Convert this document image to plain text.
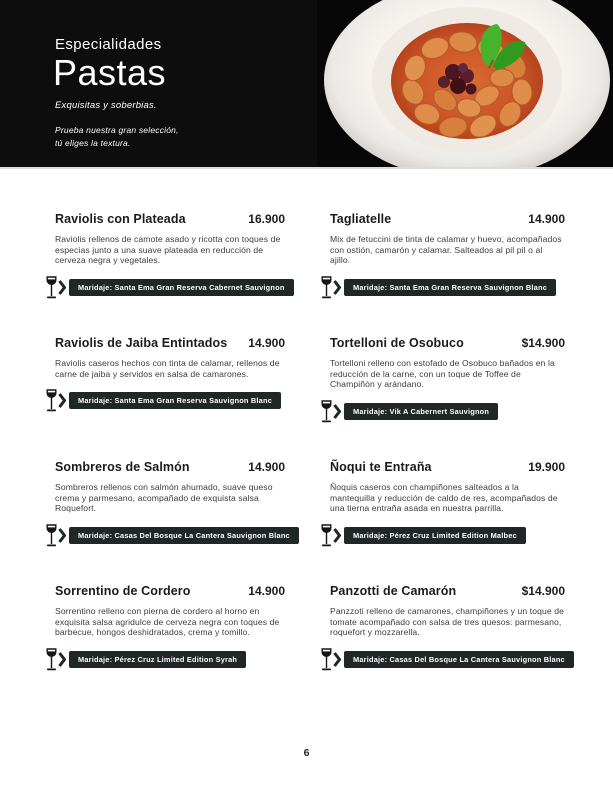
Especialidades
Pastas
Exquisitas y soberbias.
Prueba nuestra gran selección,
tú eliges la textura.
Raviolis con Plateada	16.900

Raviolis rellenos de camote asado y ricotta con toques de especias junto a una suave plateada en reducción de cerveza negra y vegetales.

Maridaje: Santa Ema Gran Reserva Cabernet Sauvignon
Tagliatelle	14.900

Mix de fetuccini de tinta de calamar y huevo, acompañados con ostión, camarón y calamar. Salteados al pil pil o al ajillo.

Maridaje: Santa Ema Gran Reserva Sauvignon Blanc
Raviolis de Jaiba Entintados 14.900

Raviolis caseros hechos con tinta de calamar, rellenos de carne de jaiba y servidos en salsa de camarones.

Maridaje: Santa Ema Gran Reserva Sauvignon Blanc
Tortelloni de Osobuco	$14.900

Tortelloni relleno con estofado de Osobuco bañados en la reducción de la carne, con un toque de Toffee de Champiñón y arándano.

Maridaje: Vik A Cabernert Sauvignon
Sombreros de Salmón	14.900

Sombreros rellenos con salmón ahumado, suave queso crema y parmesano, acompañado de exquista salsa Roquefort.

Maridaje: Casas Del Bosque La Cantera Sauvignon Blanc
Ñoqui te Entraña	19.900

Ñoquis caseros con champiñones salteados a la mantequilla y reducción de caldo de res, acompañados de una tierna entraña asada en nuestra parrilla.

Maridaje: Pérez Cruz Limited Edition Malbec
Sorrentino de Cordero	14.900

Sorrentino relleno con pierna de cordero al horno en exquisita salsa agridulce de cerveza negra con toques de barbecue, hongos deshidratados, crema y tomillo.

Maridaje: Pérez Cruz Limited Edition Syrah
Panzotti de Camarón	$14.900

Panzzoti relleno de camarones, champiñones y un toque de tomate acompañado con salsa de tres quesos: parmesano, roquefort y mozzarella.

Maridaje: Casas Del Bosque La Cantera Sauvignon Blanc
6
